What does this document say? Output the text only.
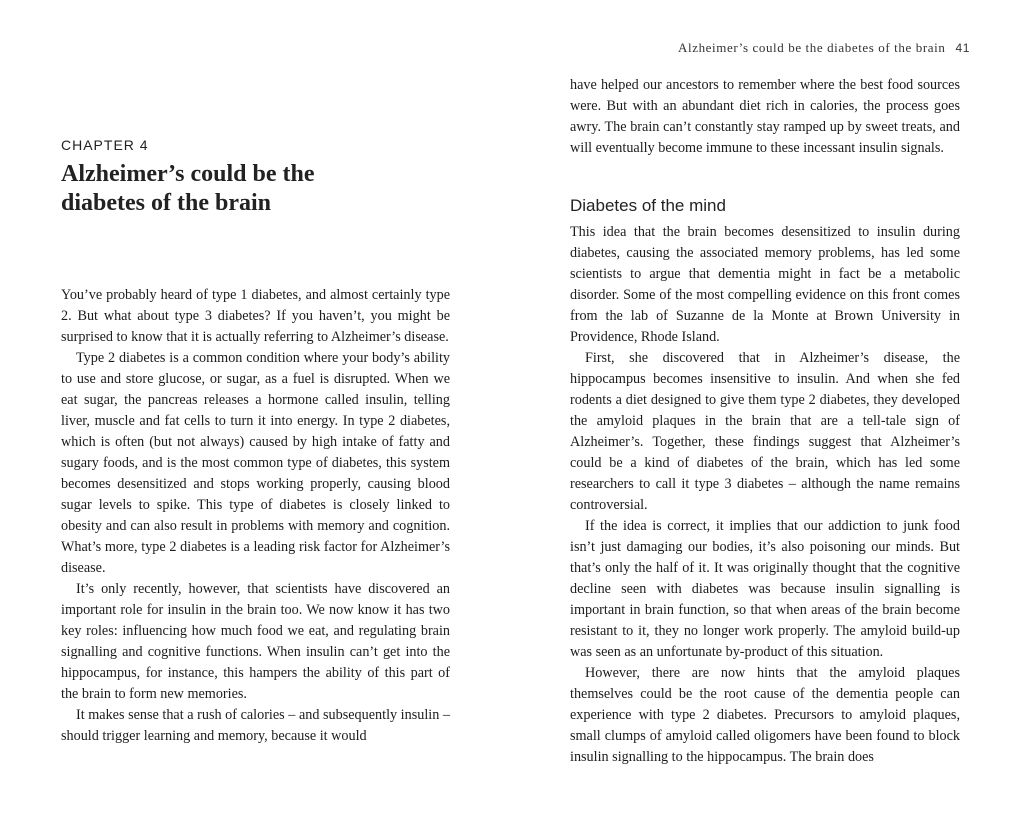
CHAPTER 4
Alzheimer’s could be the diabetes of the brain

You’ve probably heard of type 1 diabetes, and almost certainly type 2. But what about type 3 diabetes? If you haven’t, you might be surprised to know that it is actually referring to Alzheimer’s disease.

Type 2 diabetes is a common condition where your body’s ability to use and store glucose, or sugar, as a fuel is disrupted. When we eat sugar, the pancreas releases a hormone called insulin, telling liver, muscle and fat cells to turn it into energy. In type 2 diabetes, which is often (but not always) caused by high intake of fatty and sugary foods, and is the most common type of diabetes, this system becomes desensitized and stops working properly, causing blood sugar levels to spike. This type of diabetes is closely linked to obesity and can also result in problems with memory and cognition. What’s more, type 2 diabetes is a leading risk factor for Alzheimer’s disease.

It’s only recently, however, that scientists have discovered an important role for insulin in the brain too. We now know it has two key roles: influencing how much food we eat, and regulating brain signalling and cognitive functions. When insulin can’t get into the hippocampus, for instance, this hampers the ability of this part of the brain to form new memories.

It makes sense that a rush of calories – and subsequently insulin – should trigger learning and memory, because it would

Alzheimer’s could be the diabetes of the brain 41

have helped our ancestors to remember where the best food sources were. But with an abundant diet rich in calories, the process goes awry. The brain can’t constantly stay ramped up by sweet treats, and will eventually become immune to these incessant insulin signals.

Diabetes of the mind

This idea that the brain becomes desensitized to insulin during diabetes, causing the associated memory problems, has led some scientists to argue that dementia might in fact be a metabolic disorder. Some of the most compelling evidence on this front comes from the lab of Suzanne de la Monte at Brown University in Providence, Rhode Island.

First, she discovered that in Alzheimer’s disease, the hippocampus becomes insensitive to insulin. And when she fed rodents a diet designed to give them type 2 diabetes, they developed the amyloid plaques in the brain that are a tell-tale sign of Alzheimer’s. Together, these findings suggest that Alzheimer’s could be a kind of diabetes of the brain, which has led some researchers to call it type 3 diabetes – although the name remains controversial.

If the idea is correct, it implies that our addiction to junk food isn’t just damaging our bodies, it’s also poisoning our minds. But that’s only the half of it. It was originally thought that the cognitive decline seen with diabetes was because insulin signalling is important in brain function, so that when areas of the brain become resistant to it, they no longer work properly. The amyloid build-up was seen as an unfortunate by-product of this situation.

However, there are now hints that the amyloid plaques themselves could be the root cause of the dementia people can experience with type 2 diabetes. Precursors to amyloid plaques, small clumps of amyloid called oligomers have been found to block insulin signalling to the hippocampus. The brain does
